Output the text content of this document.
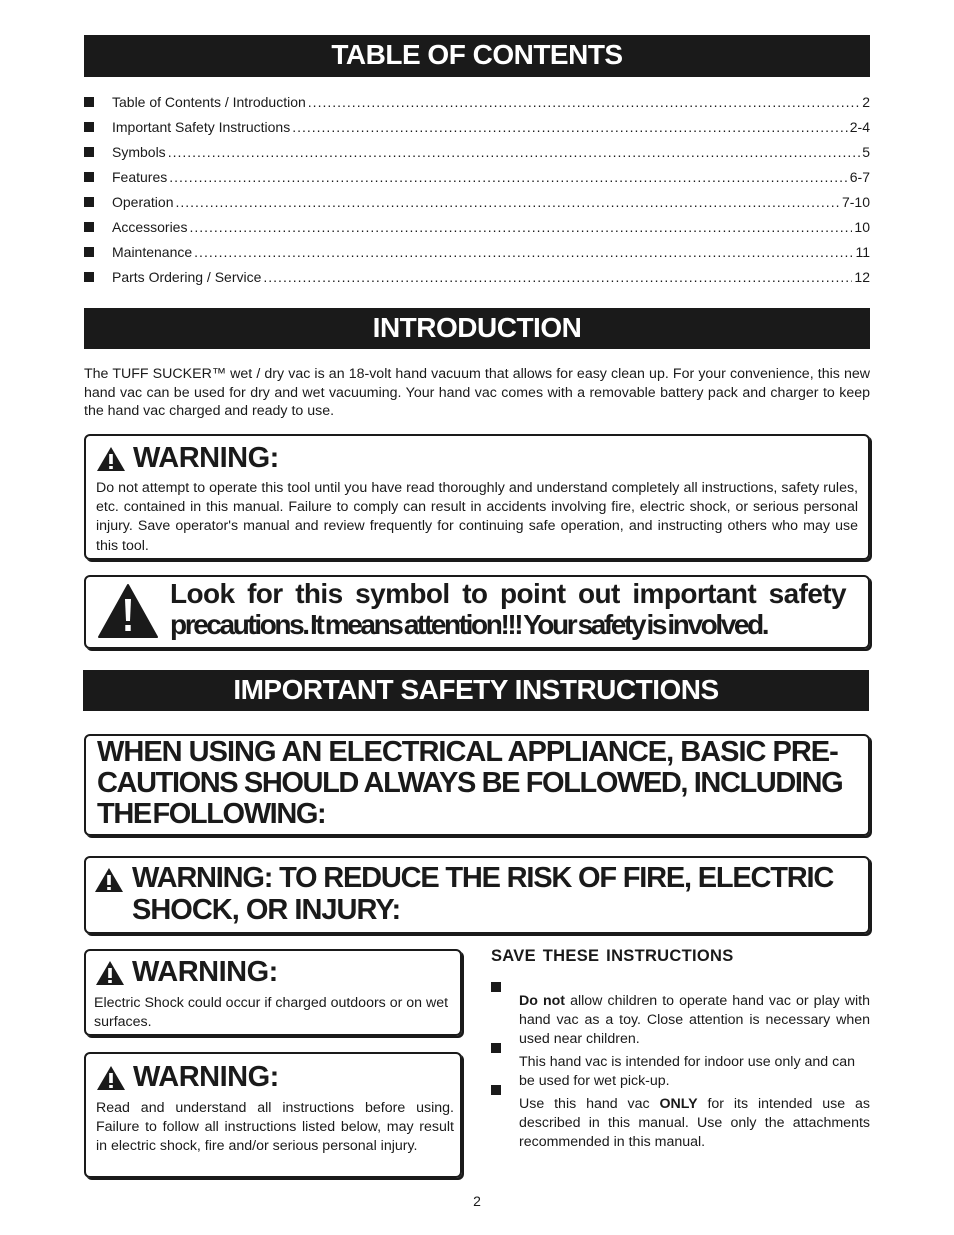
TABLE OF CONTENTS
Table of Contents / Introduction .....	2
Important Safety Instructions .....	2-4
Symbols .....	5
Features .....	6-7
Operation .....	7-10
Accessories .....	10
Maintenance .....	11
Parts Ordering / Service .....	12
INTRODUCTION
The TUFF SUCKER™ wet / dry vac is an 18-volt hand vacuum that allows for easy clean up. For your convenience, this new hand vac can be used for dry and wet vacuuming. Your hand vac comes with a removable battery pack and charger to keep the hand vac charged and ready to use.
WARNING:
Do not attempt to operate this tool until you have read thoroughly and understand completely all instructions, safety rules, etc. contained in this manual. Failure to comply can result in accidents involving fire, electric shock, or serious personal injury. Save operator's manual and review frequently for continuing safe operation, and instructing others who may use this tool.
Look for this symbol to point out important safety
precautions. It means attention!!! Your safety is involved.
IMPORTANT SAFETY INSTRUCTIONS
WHEN USING AN ELECTRICAL APPLIANCE, BASIC PRE-
CAUTIONS SHOULD ALWAYS BE FOLLOWED, INCLUDING
THE FOLLOWING:
WARNING: TO REDUCE THE RISK OF FIRE, ELECTRIC
SHOCK, OR INJURY:
WARNING:
Electric Shock could occur if charged outdoors or on wet surfaces.
WARNING:
Read and understand all instructions before using. Failure to follow all instructions listed below, may result in electric shock, fire and/or serious personal injury.
SAVE THESE INSTRUCTIONS
Do not allow children to operate hand vac or play with hand vac as a toy. Close attention is necessary when used near children.
This hand vac is intended for indoor use only and can be used for wet pick-up.
Use this hand vac ONLY for its intended use as described in this manual. Use only the attachments recommended in this manual.
2
